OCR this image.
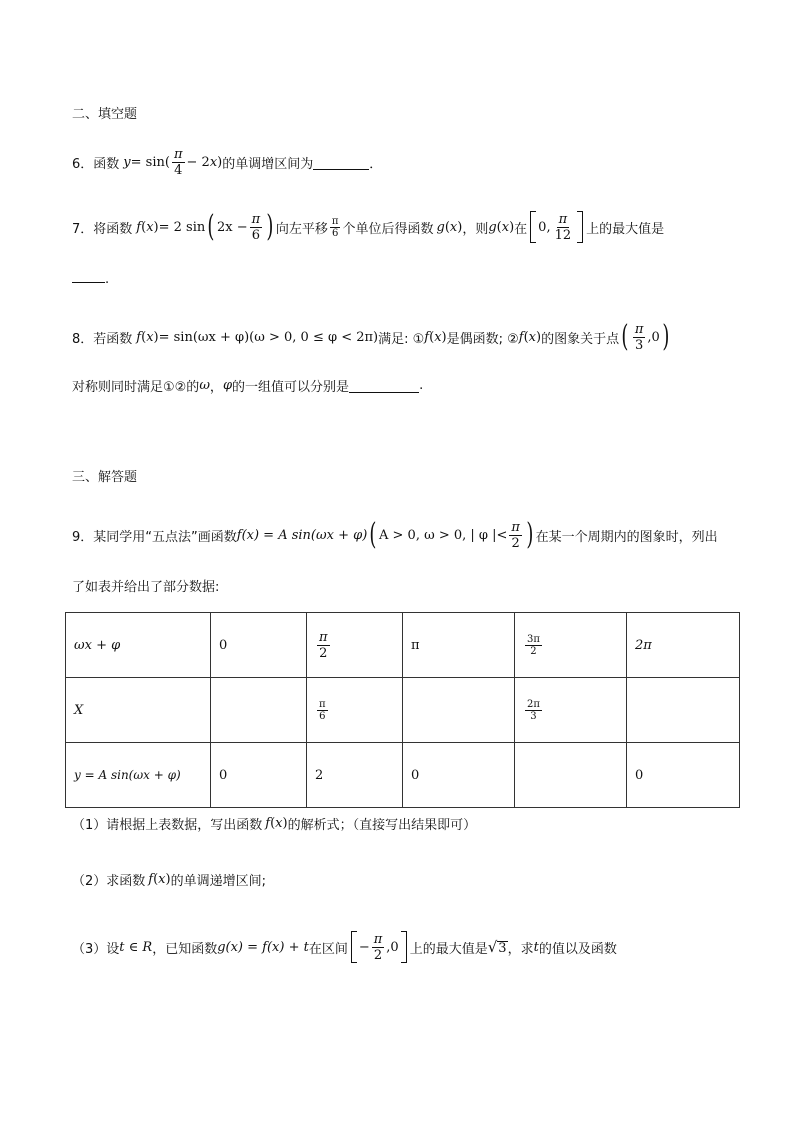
二、填空题
6． 函数 $y = \sin( \frac{\pi}{4} - 2$ x ) 的单调增区间为	．
7． 将函数 f ( x ) = 2 sin ( $2x - \frac{\pi}{6}$ ) 向左平移 $\frac{\pi}{6}$ 个单位后得函数 g ( x ) ，则 g ( x ) 在 0, $\frac{\pi}{12}$ 上的最大值是
.
8． 若函数 f ( x ) = sin(ωx + φ)(ω > 0, 0 ≤ φ < 2π) 满足: ① f ( x ) 是偶函数; ② f ( x ) 的图象关于点 ( $\frac{\pi}{3} ,0$ )
对称则同时满足①②的 ω ， φ 的一组值可以分别是	.
三、解答题
9． 某同学用“五点法”画函数 f(x) = A sin(ωx + φ) ( A > 0, ω > 0, | φ |< $\frac{\pi}{2}$ ) 在某一个周期内的图象时，列出
了如表并给出了部分数据:
ωx + φ	0	$\frac{\pi}{2}$	π	$\frac{3\pi}{2}$	2π
X		$\frac{\pi}{6}$		$\frac{2\pi}{3}$

y = A sin(ωx + φ)	0	2	0		0
（1）请根据上表数据，写出函数 f ( x ) 的解析式；（直接写出结果即可）
（2）求函数 f ( x ) 的单调递增区间;
（3）设 t ∈ R ，已知函数 g(x) = f(x) + t 在区间 − $\frac{\pi}{2} ,0$ 上的最大值是 √ 3 ，求 t 的值以及函数
